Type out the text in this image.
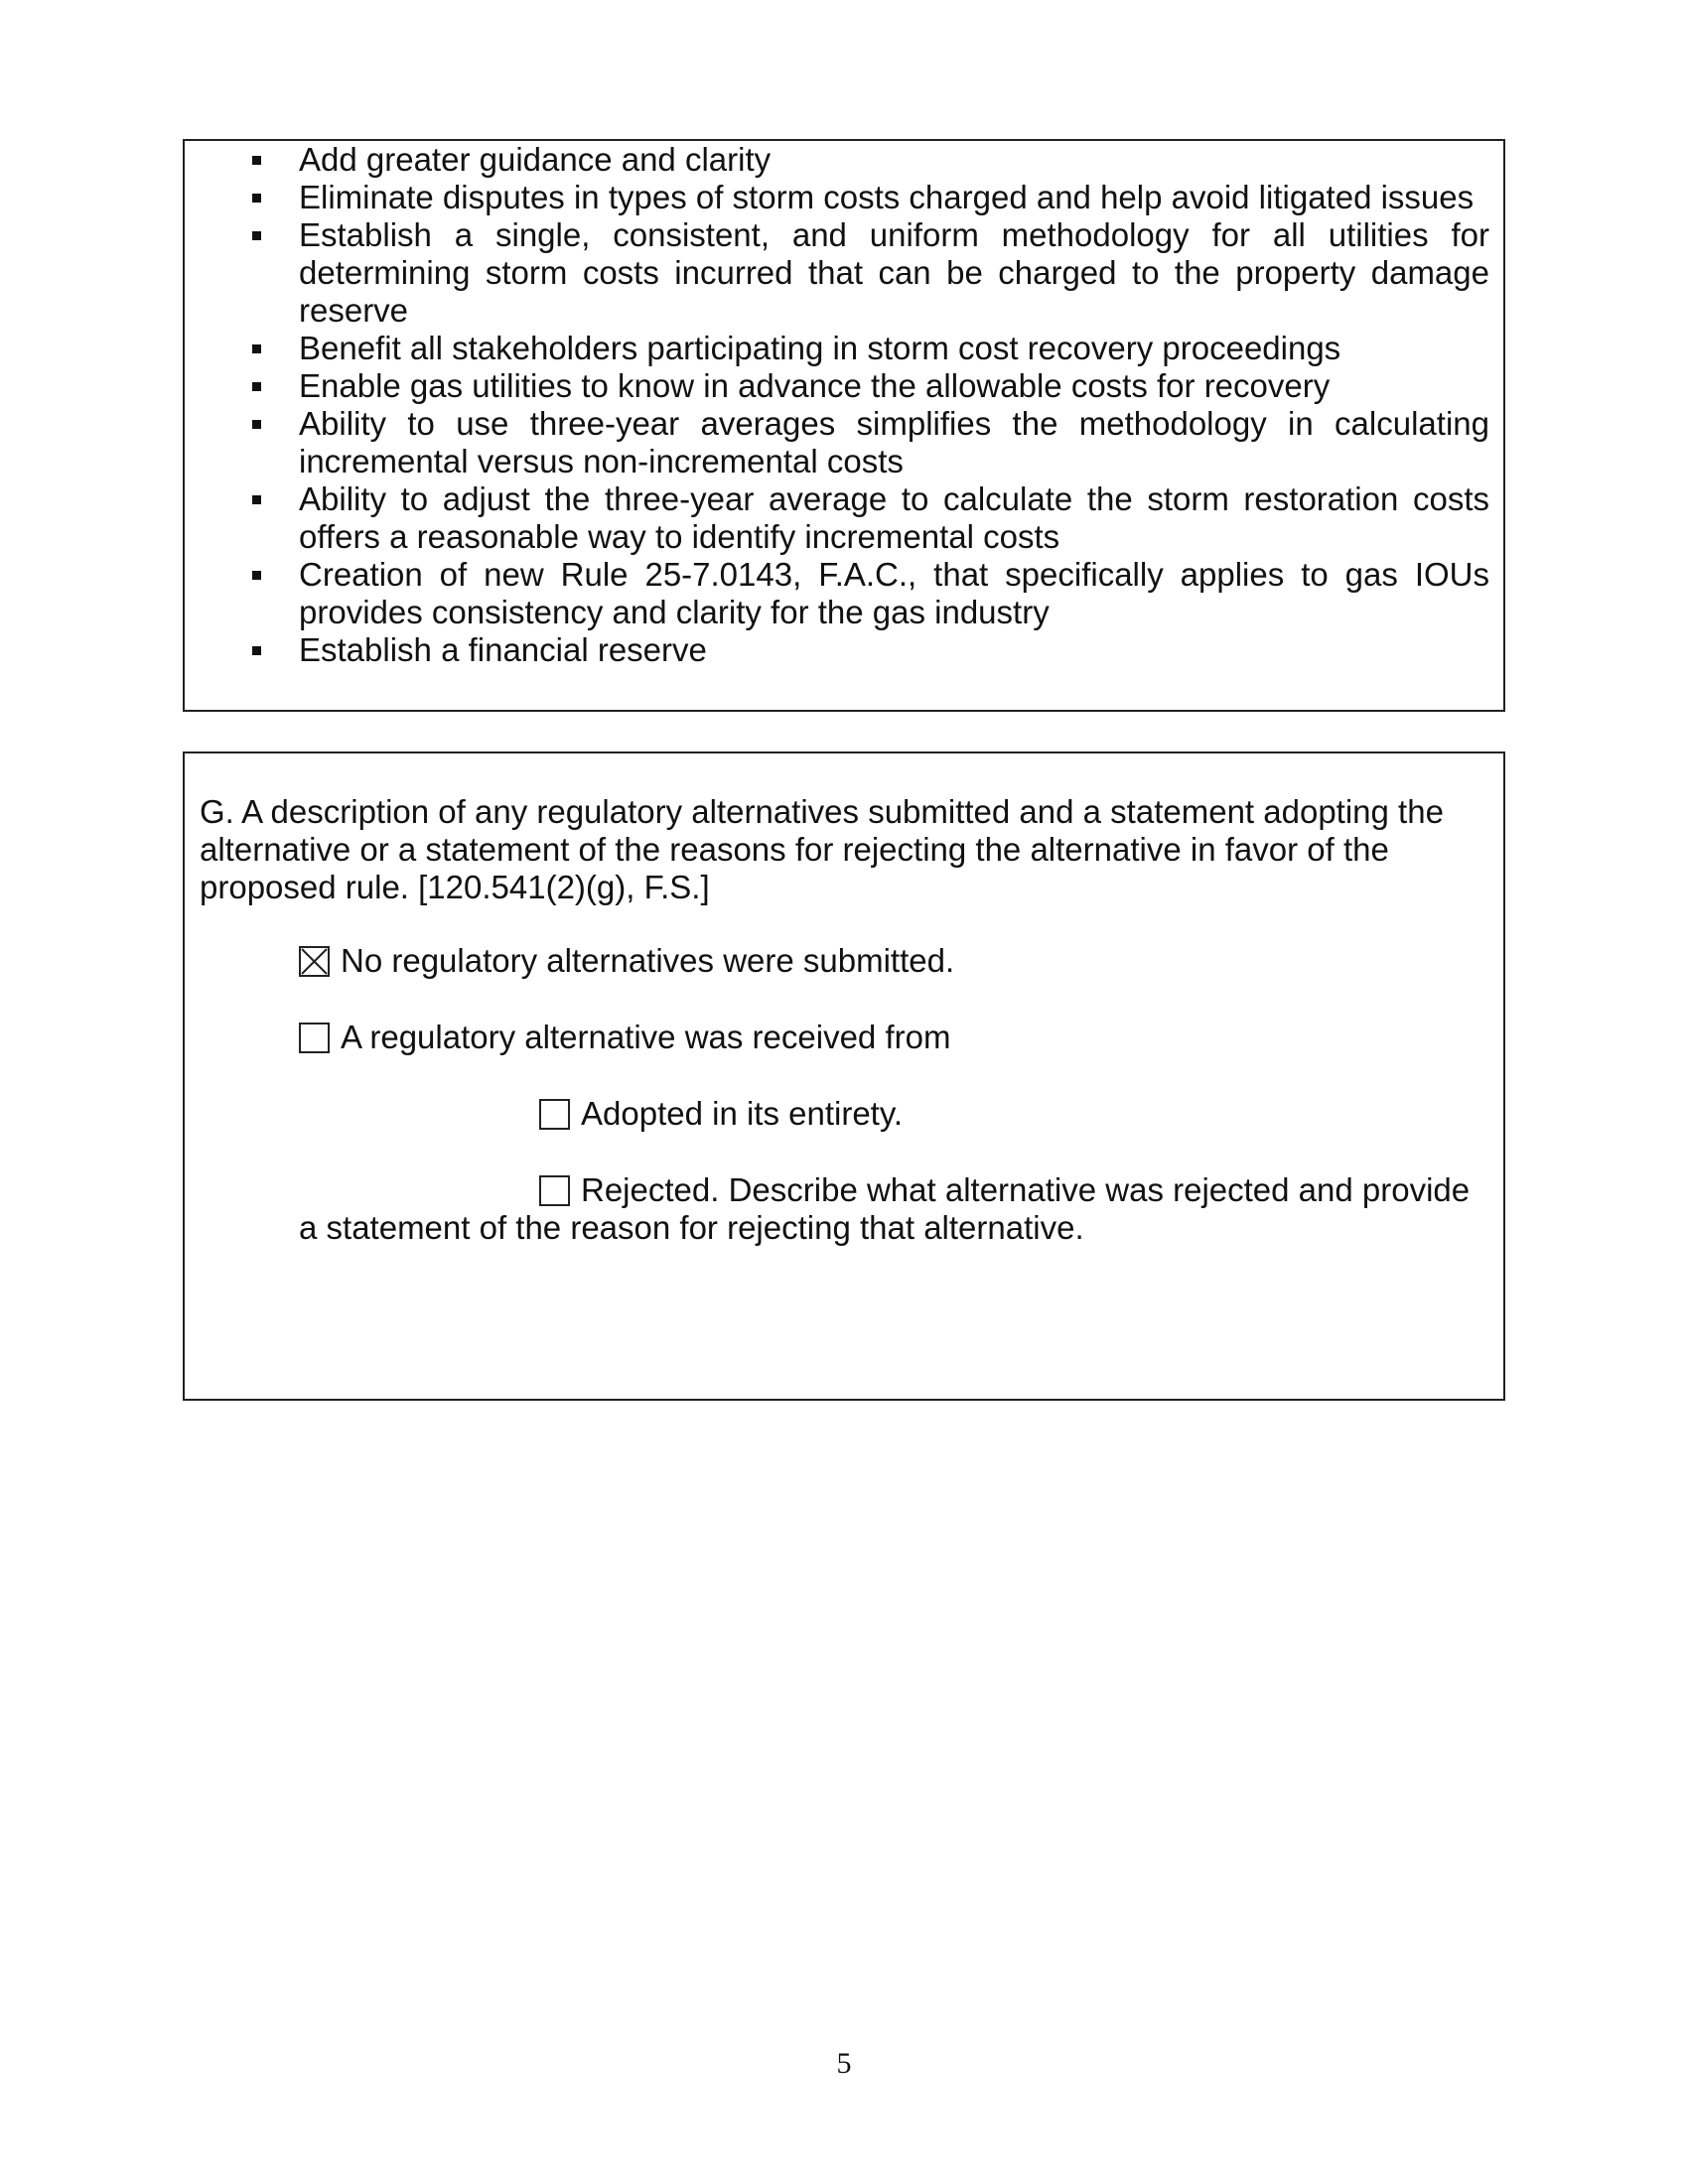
Add greater guidance and clarity
Eliminate disputes in types of storm costs charged and help avoid litigated issues
Establish a single, consistent, and uniform methodology for all utilities for determining storm costs incurred that can be charged to the property damage reserve
Benefit all stakeholders participating in storm cost recovery proceedings
Enable gas utilities to know in advance the allowable costs for recovery
Ability to use three-year averages simplifies the methodology in calculating incremental versus non-incremental costs
Ability to adjust the three-year average to calculate the storm restoration costs offers a reasonable way to identify incremental costs
Creation of new Rule 25-7.0143, F.A.C., that specifically applies to gas IOUs provides consistency and clarity for the gas industry
Establish a financial reserve
G. A description of any regulatory alternatives submitted and a statement adopting the alternative or a statement of the reasons for rejecting the alternative in favor of the proposed rule. [120.541(2)(g), F.S.]
No regulatory alternatives were submitted.
A regulatory alternative was received from
Adopted in its entirety.
Rejected. Describe what alternative was rejected and provide
a statement of the reason for rejecting that alternative.
5
